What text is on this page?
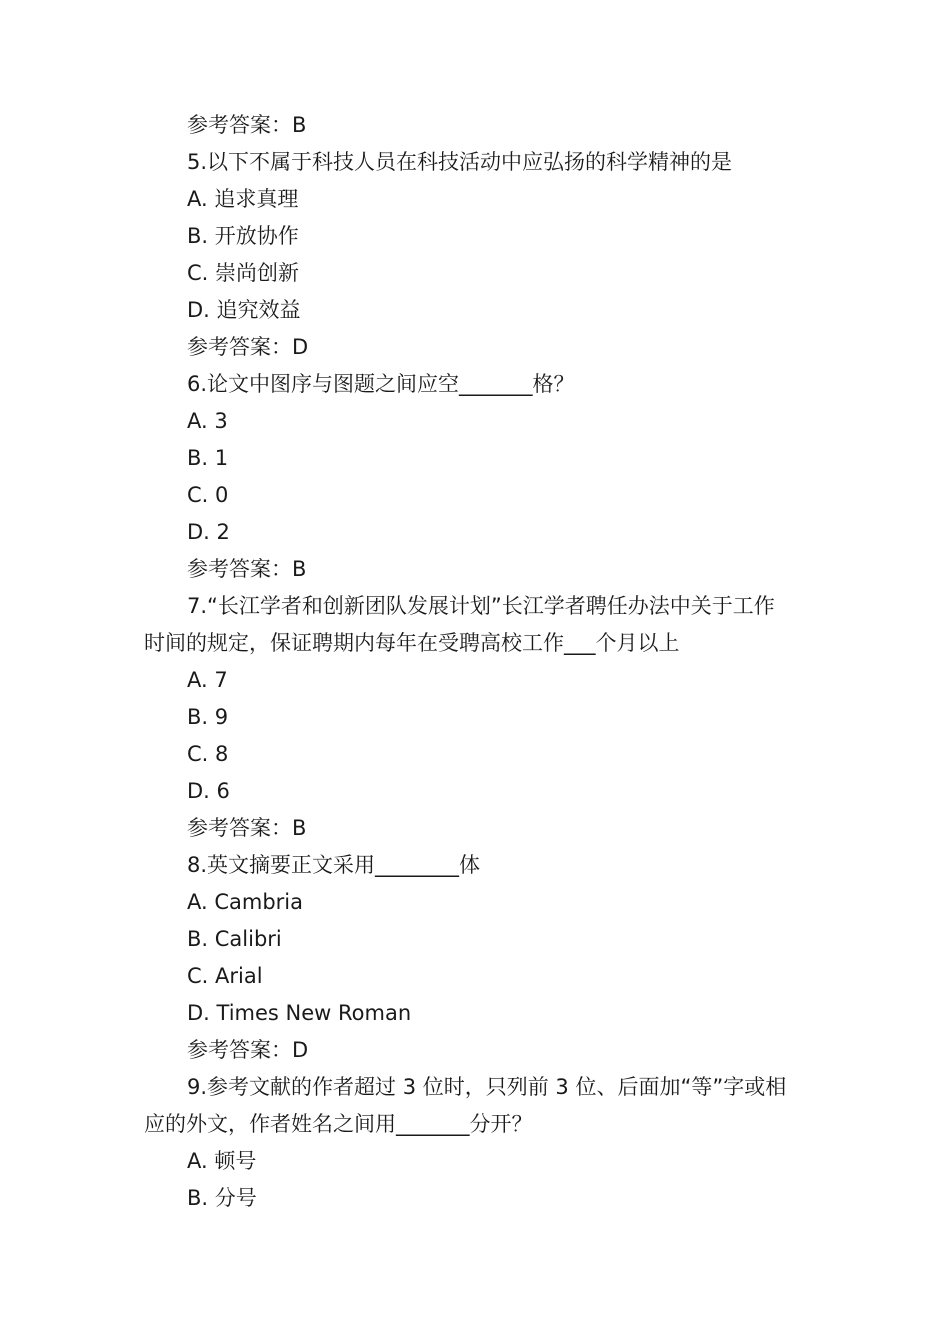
参考答案：B
5.以下不属于科技人员在科技活动中应弘扬的科学精神的是
A. 追求真理
B. 开放协作
C. 崇尚创新
D. 追究效益
参考答案：D
6.论文中图序与图题之间应空_______格？
A. 3
B. 1
C. 0
D. 2
参考答案：B
7.“长江学者和创新团队发展计划”长江学者聘任办法中关于工作
时间的规定，保证聘期内每年在受聘高校工作___个月以上
A. 7
B. 9
C. 8
D. 6
参考答案：B
8.英文摘要正文采用________体
A. Cambria
B. Calibri
C. Arial
D. Times New Roman
参考答案：D
9.参考文献的作者超过 3 位时，只列前 3 位、后面加“等”字或相
应的外文，作者姓名之间用_______分开？
A. 顿号
B. 分号
